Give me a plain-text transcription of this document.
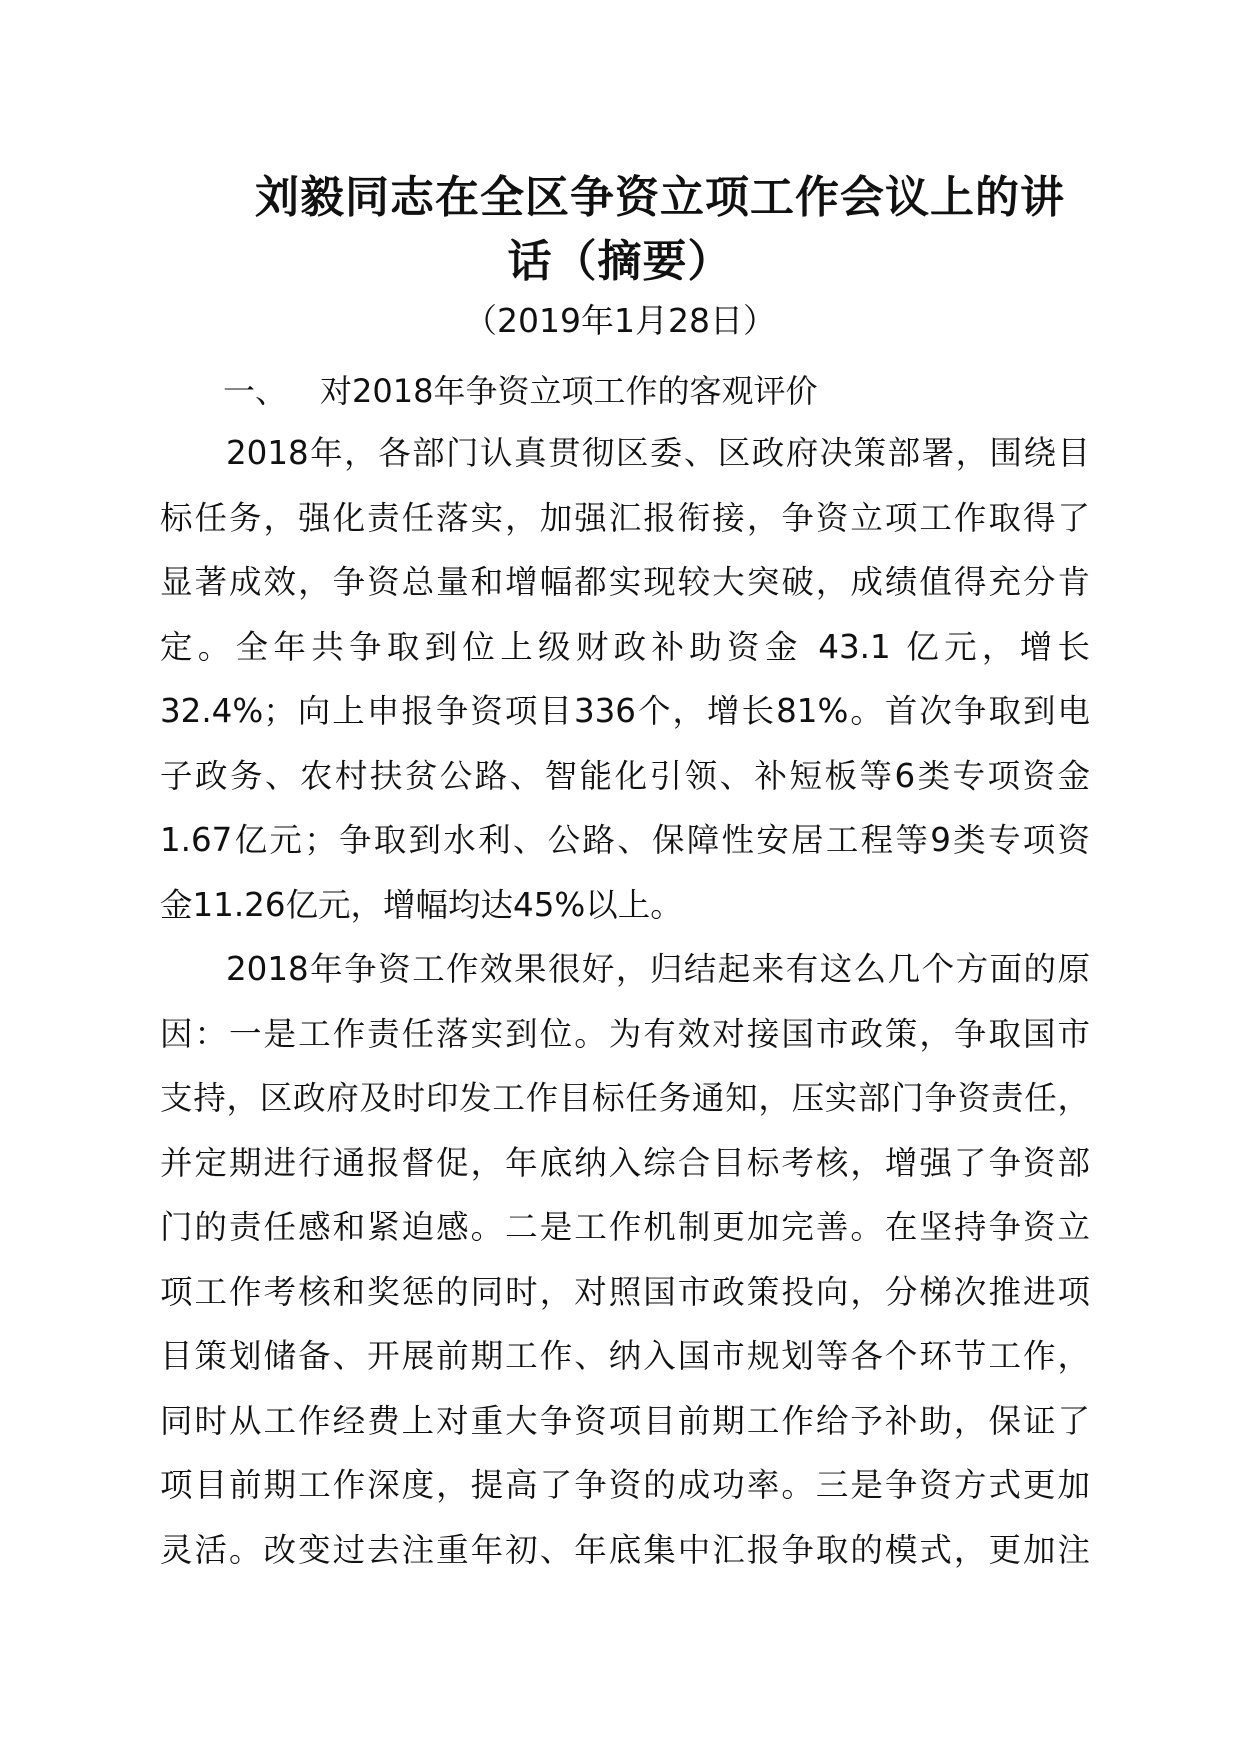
刘毅同志在全区争资立项工作会议上的讲
话（摘要）
（2019年1月28日）
一、 对2018年争资立项工作的客观评价
2018年，各部门认真贯彻区委、区政府决策部署，围绕目
标任务，强化责任落实，加强汇报衔接，争资立项工作取得了
显著成效，争资总量和增幅都实现较大突破，成绩值得充分肯
定。全年共争取到位上级财政补助资金 43.1 亿元，增长
32.4%；向上申报争资项目336个，增长81%。首次争取到电
子政务、农村扶贫公路、智能化引领、补短板等6类专项资金
1.67亿元；争取到水利、公路、保障性安居工程等9类专项资
金11.26亿元，增幅均达45%以上。
2018年争资工作效果很好，归结起来有这么几个方面的原
因：一是工作责任落实到位。为有效对接国市政策，争取国市
支持，区政府及时印发工作目标任务通知，压实部门争资责任，
并定期进行通报督促，年底纳入综合目标考核，增强了争资部
门的责任感和紧迫感。二是工作机制更加完善。在坚持争资立
项工作考核和奖惩的同时，对照国市政策投向，分梯次推进项
目策划储备、开展前期工作、纳入国市规划等各个环节工作，
同时从工作经费上对重大争资项目前期工作给予补助，保证了
项目前期工作深度，提高了争资的成功率。三是争资方式更加
灵活。改变过去注重年初、年底集中汇报争取的模式，更加注
